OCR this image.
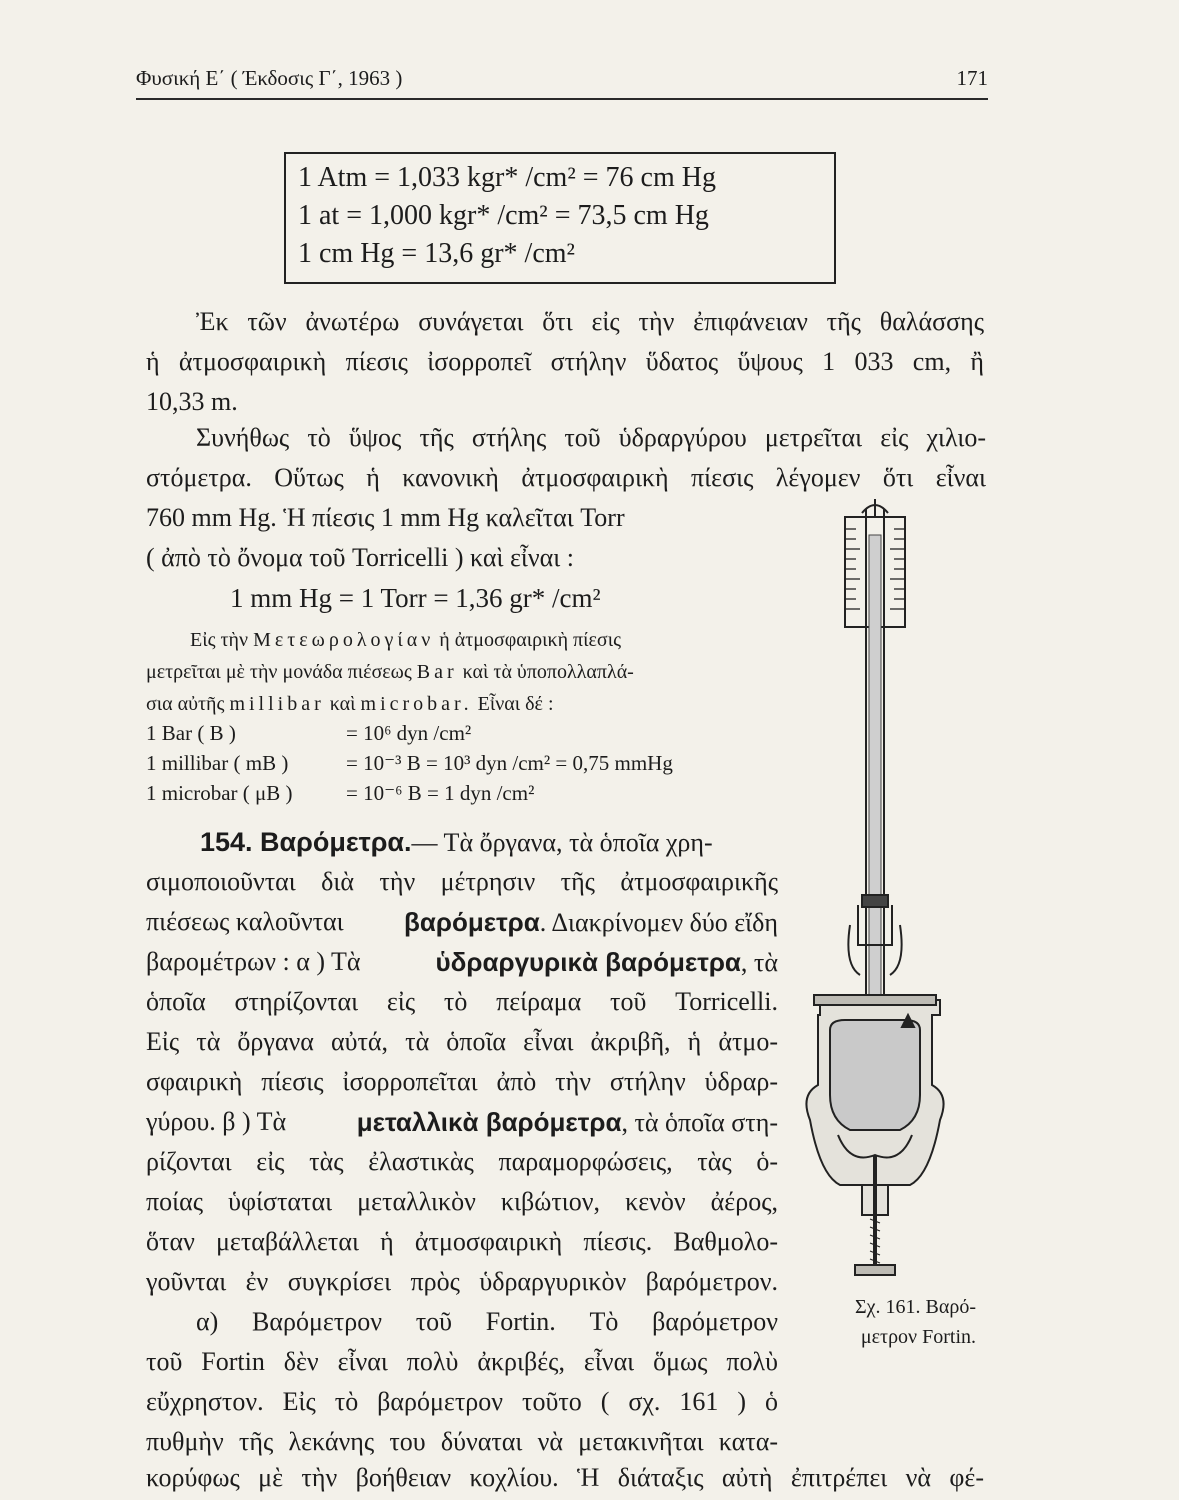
Φυσική Ε΄ ( Έκδοσις Γ΄, 1963 )	171
1 Atm = 1,033 kgr* /cm² = 76 cm Hg
1 at = 1,000 kgr* /cm² = 73,5 cm Hg
1 cm Hg = 13,6 gr* /cm²
Ἐκ τῶν ἀνωτέρω συνάγεται ὅτι εἰς τὴν ἐπιφάνειαν τῆς θαλάσσης
ἡ ἀτμοσφαιρικὴ πίεσις ἰσορροπεῖ στήλην ὕδατος ὕψους 1 033 cm, ἢ
10,33 m.
Συνήθως τὸ ὕψος τῆς στήλης τοῦ ὑδραργύρου μετρεῖται εἰς χιλιο-
στόμετρα. Οὕτως ἡ κανονικὴ ἀτμοσφαιρικὴ πίεσις λέγομεν ὅτι εἶναι
760 mm Hg. Ἡ πίεσις 1 mm Hg καλεῖται Torr
( ἀπὸ τὸ ὄνομα τοῦ Torricelli ) καὶ εἶναι :
1 mm Hg = 1 Torr = 1,36 gr* /cm²
Εἰς τὴν Μετεωρολογίαν ἡ ἀτμοσφαιρικὴ πίεσις
μετρεῖται μὲ τὴν μονάδα πιέσεως Bar καὶ τὰ ὑποπολλαπλά-
σια αὐτῆς millibar καὶ microbar. Εἶναι δέ :
1 Bar ( B )	= 10⁶ dyn /cm²
1 millibar ( mB )	= 10⁻³ B = 10³ dyn /cm² = 0,75 mmHg
1 microbar ( μB )	= 10⁻⁶ B = 1 dyn /cm²
154. Βαρόμετρα.— Τὰ ὄργανα, τὰ ὁποῖα χρη-
σιμοποιοῦνται διὰ τὴν μέτρησιν τῆς ἀτμοσφαιρικῆς
πιέσεως καλοῦνται βαρόμετρα. Διακρίνομεν δύο εἴδη
βαρομέτρων : α ) Τὰ	ὑδραργυρικὰ βαρόμετρα, τὰ
ὁποῖα στηρίζονται εἰς τὸ πείραμα τοῦ Torricelli.
Εἰς τὰ ὄργανα αὐτά, τὰ ὁποῖα εἶναι ἀκριβῆ, ἡ ἀτμο-
σφαιρικὴ πίεσις ἰσορροπεῖται ἀπὸ τὴν στήλην ὑδραρ-
γύρου. β ) Τὰ	μεταλλικὰ βαρόμετρα, τὰ ὁποῖα στη-
ρίζονται εἰς τὰς ἐλαστικὰς παραμορφώσεις, τὰς ὁ-
ποίας ὑφίσταται μεταλλικὸν κιβώτιον, κενὸν ἀέρος,
ὅταν μεταβάλλεται ἡ ἀτμοσφαιρικὴ πίεσις. Βαθμολο-
γοῦνται ἐν συγκρίσει πρὸς ὑδραργυρικὸν βαρόμετρον.
α) Βαρόμετρον τοῦ Fortin. Τὸ βαρόμετρον
τοῦ Fortin δὲν εἶναι πολὺ ἀκριβές, εἶναι ὅμως πολὺ
εὔχρηστον. Εἰς τὸ βαρόμετρον τοῦτο ( σχ. 161 ) ὁ
πυθμὴν τῆς λεκάνης του δύναται νὰ μετακινῆται κατα-
κορύφως μὲ τὴν βοήθειαν κοχλίου. Ἡ διάταξις αὐτὴ ἐπιτρέπει νὰ φέ-
Σχ. 161. Βαρό-
μετρον Fortin.
